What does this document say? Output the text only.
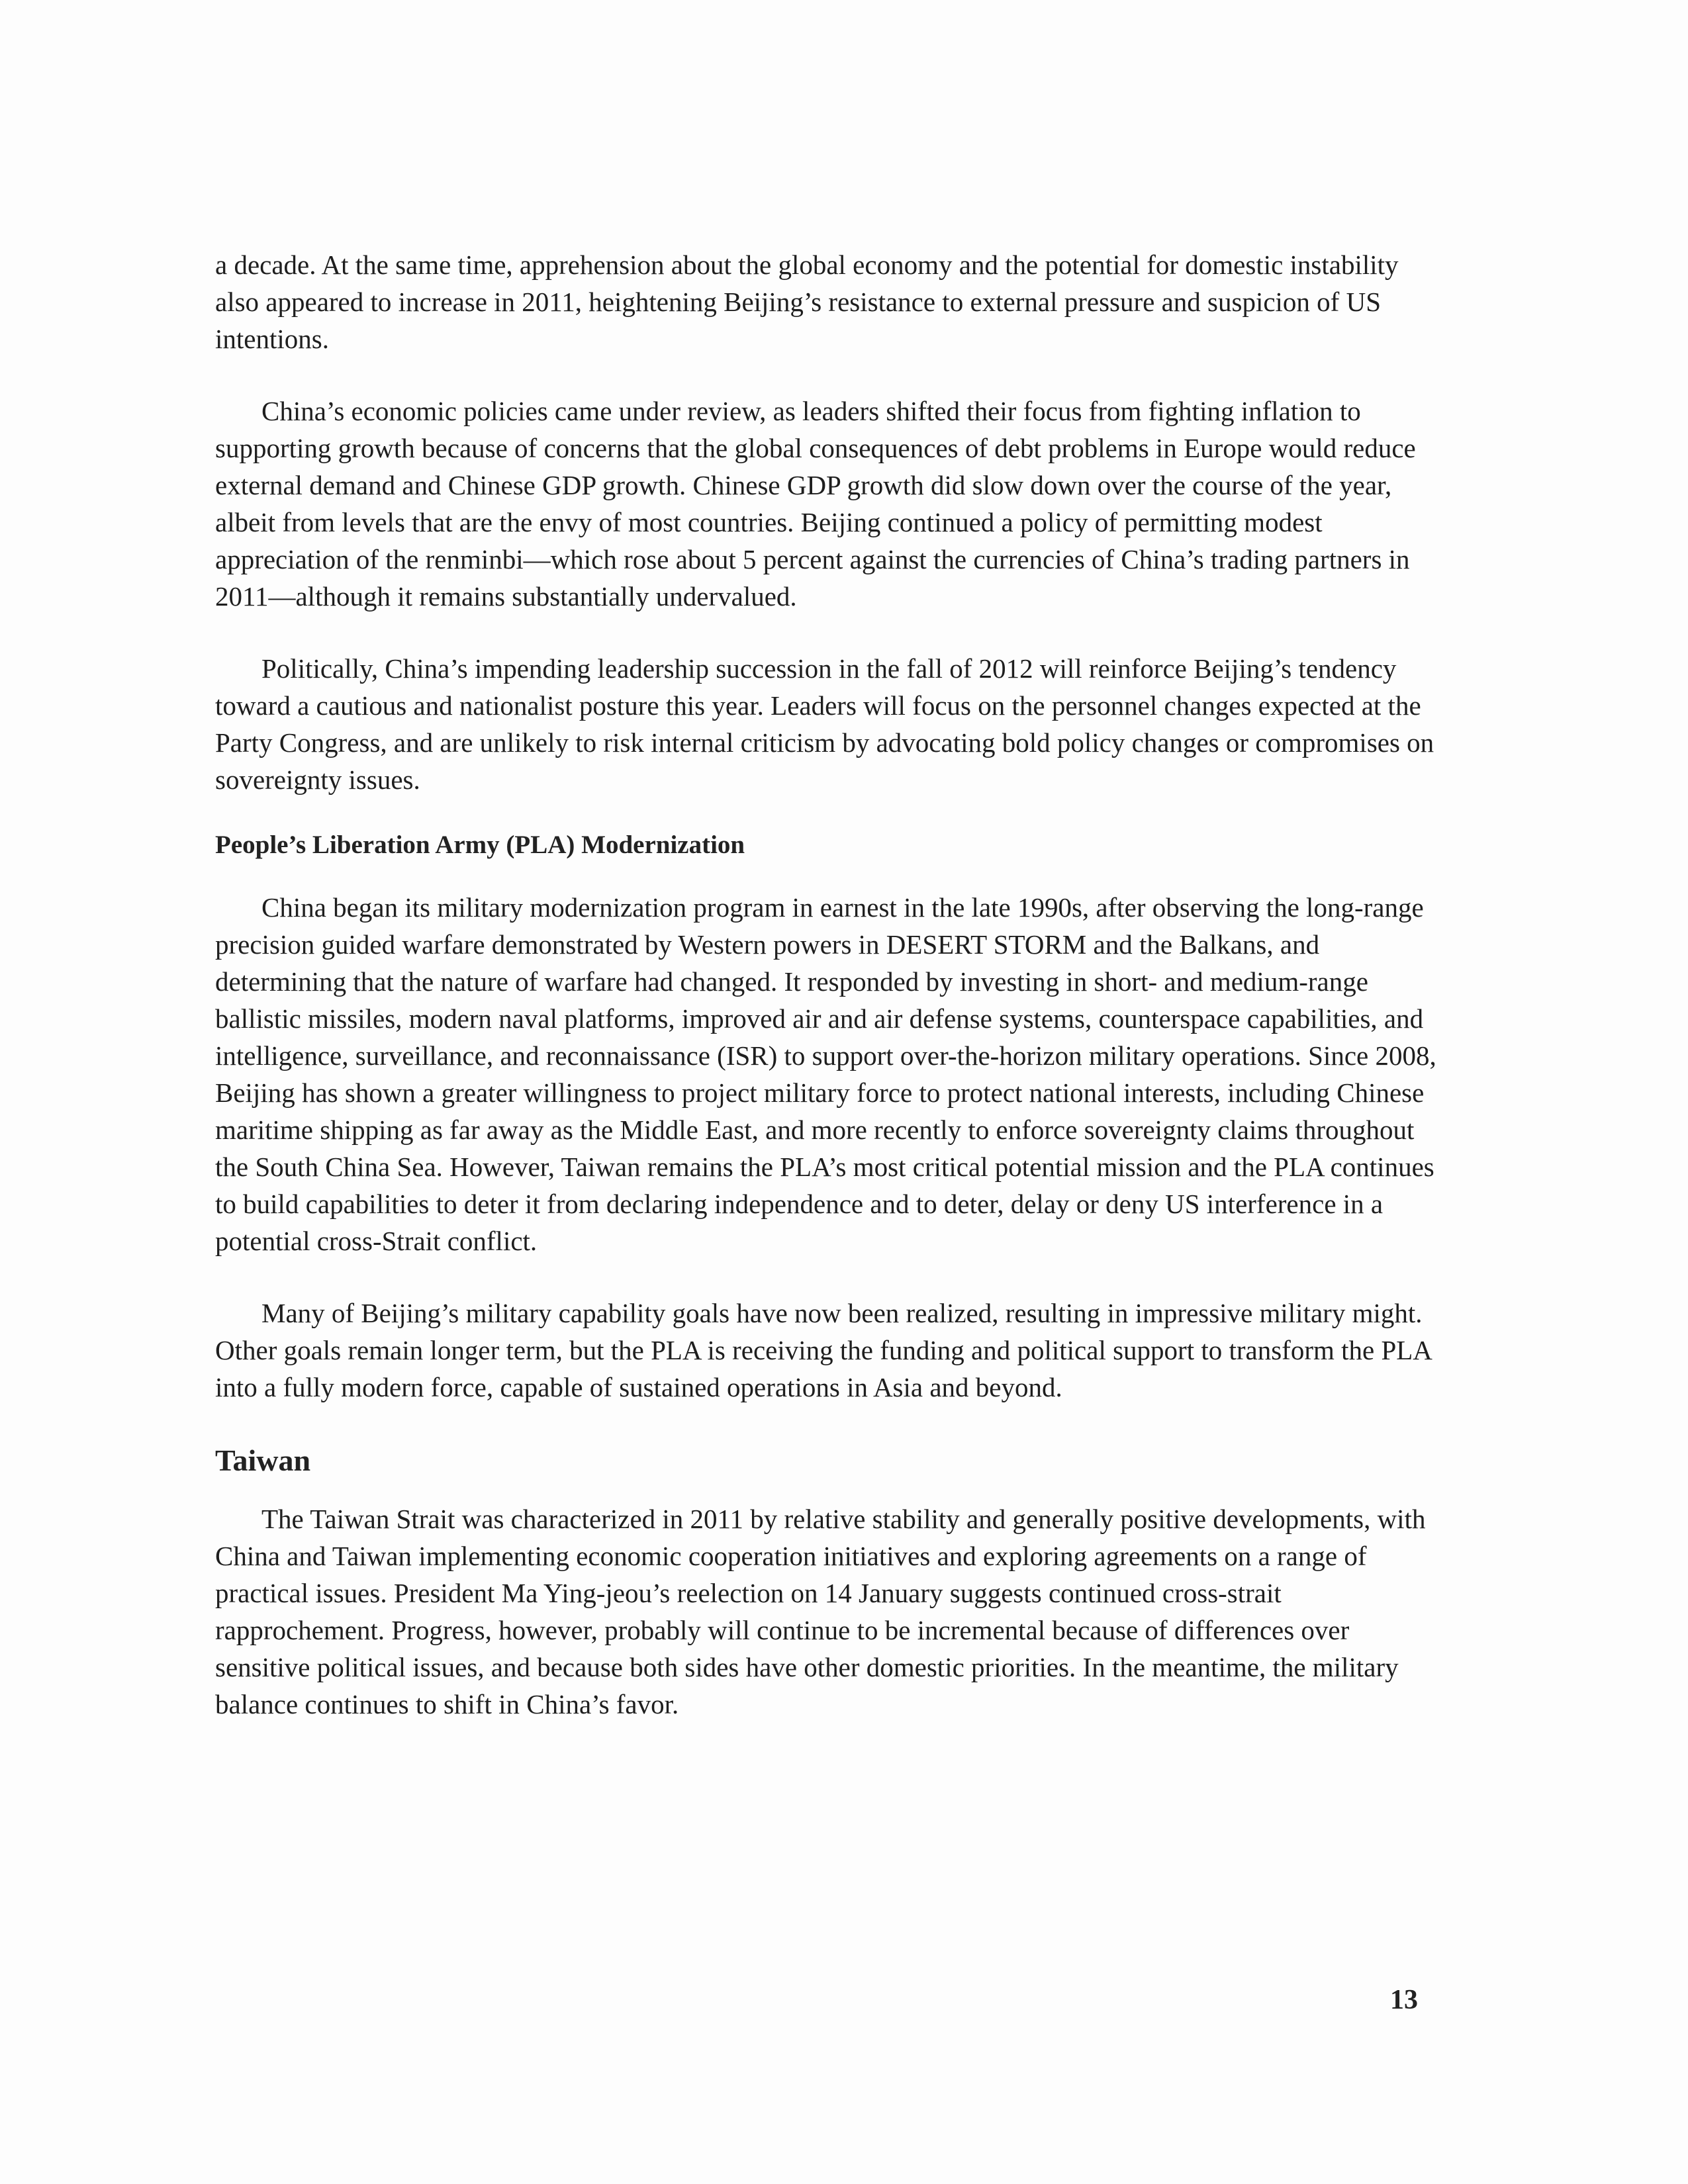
a decade. At the same time, apprehension about the global economy and the potential for domestic instability also appeared to increase in 2011, heightening Beijing’s resistance to external pressure and suspicion of US intentions.

China’s economic policies came under review, as leaders shifted their focus from fighting inflation to supporting growth because of concerns that the global consequences of debt problems in Europe would reduce external demand and Chinese GDP growth. Chinese GDP growth did slow down over the course of the year, albeit from levels that are the envy of most countries. Beijing continued a policy of permitting modest appreciation of the renminbi—which rose about 5 percent against the currencies of China’s trading partners in 2011—although it remains substantially undervalued.

Politically, China’s impending leadership succession in the fall of 2012 will reinforce Beijing’s tendency toward a cautious and nationalist posture this year. Leaders will focus on the personnel changes expected at the Party Congress, and are unlikely to risk internal criticism by advocating bold policy changes or compromises on sovereignty issues.

People’s Liberation Army (PLA) Modernization

China began its military modernization program in earnest in the late 1990s, after observing the long-range precision guided warfare demonstrated by Western powers in DESERT STORM and the Balkans, and determining that the nature of warfare had changed. It responded by investing in short- and medium-range ballistic missiles, modern naval platforms, improved air and air defense systems, counterspace capabilities, and intelligence, surveillance, and reconnaissance (ISR) to support over-the-horizon military operations. Since 2008, Beijing has shown a greater willingness to project military force to protect national interests, including Chinese maritime shipping as far away as the Middle East, and more recently to enforce sovereignty claims throughout the South China Sea. However, Taiwan remains the PLA’s most critical potential mission and the PLA continues to build capabilities to deter it from declaring independence and to deter, delay or deny US interference in a potential cross-Strait conflict.

Many of Beijing’s military capability goals have now been realized, resulting in impressive military might. Other goals remain longer term, but the PLA is receiving the funding and political support to transform the PLA into a fully modern force, capable of sustained operations in Asia and beyond.

Taiwan

The Taiwan Strait was characterized in 2011 by relative stability and generally positive developments, with China and Taiwan implementing economic cooperation initiatives and exploring agreements on a range of practical issues. President Ma Ying-jeou’s reelection on 14 January suggests continued cross-strait rapprochement. Progress, however, probably will continue to be incremental because of differences over sensitive political issues, and because both sides have other domestic priorities. In the meantime, the military balance continues to shift in China’s favor.

13
